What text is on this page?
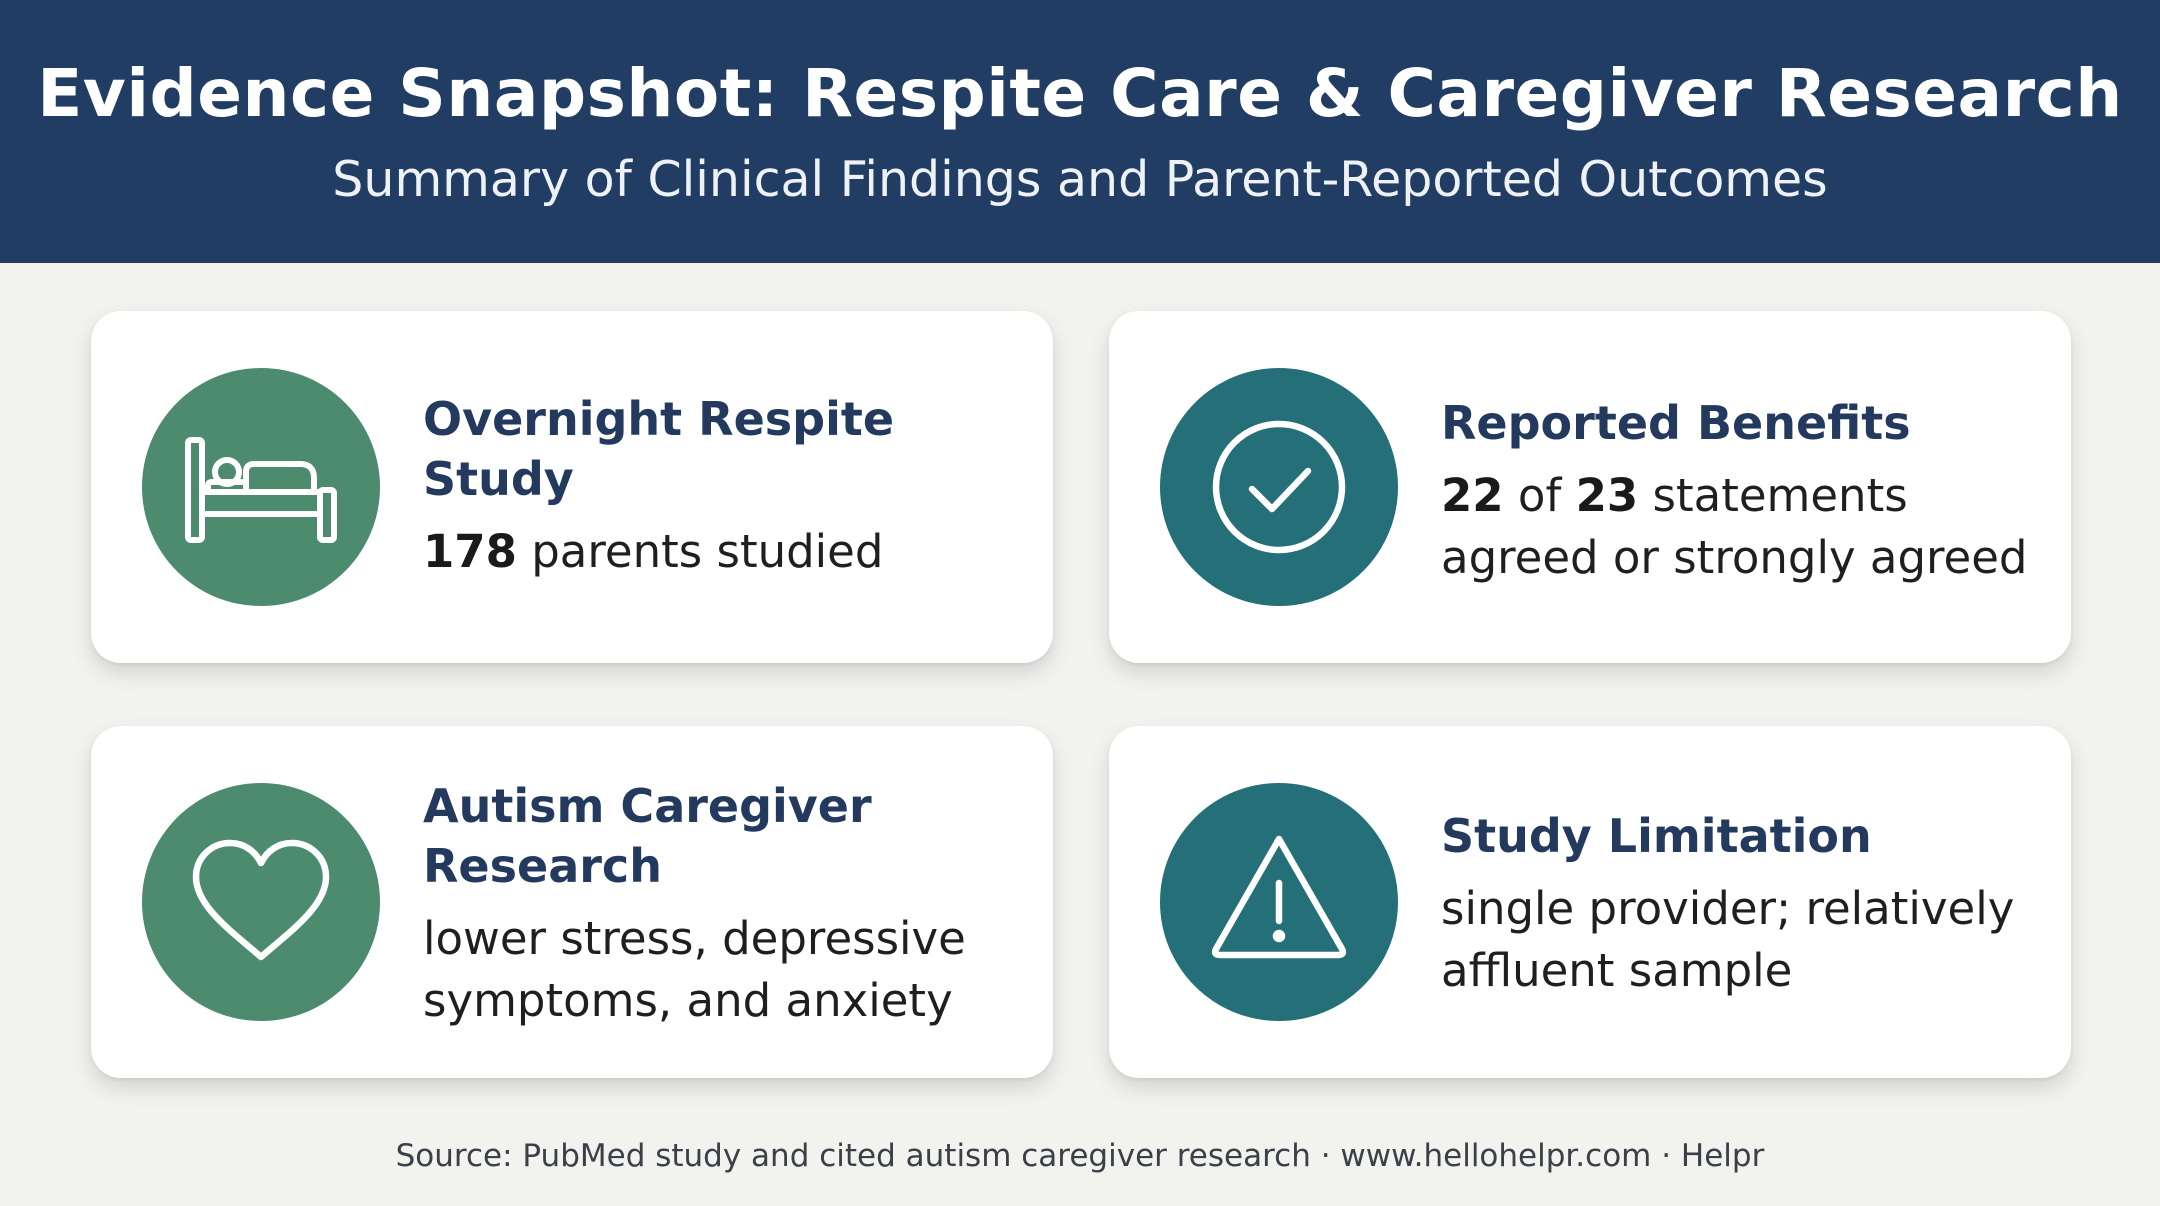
Evidence Snapshot: Respite Care & Caregiver Research
Summary of Clinical Findings and Parent-Reported Outcomes
Overnight Respite
Study
178 parents studied
Reported Benefits
22 of 23 statements
agreed or strongly agreed
Autism Caregiver
Research
lower stress, depressive
symptoms, and anxiety
Study Limitation
single provider; relatively
affluent sample
Source: PubMed study and cited autism caregiver research · www.hellohelpr.com · Helpr
